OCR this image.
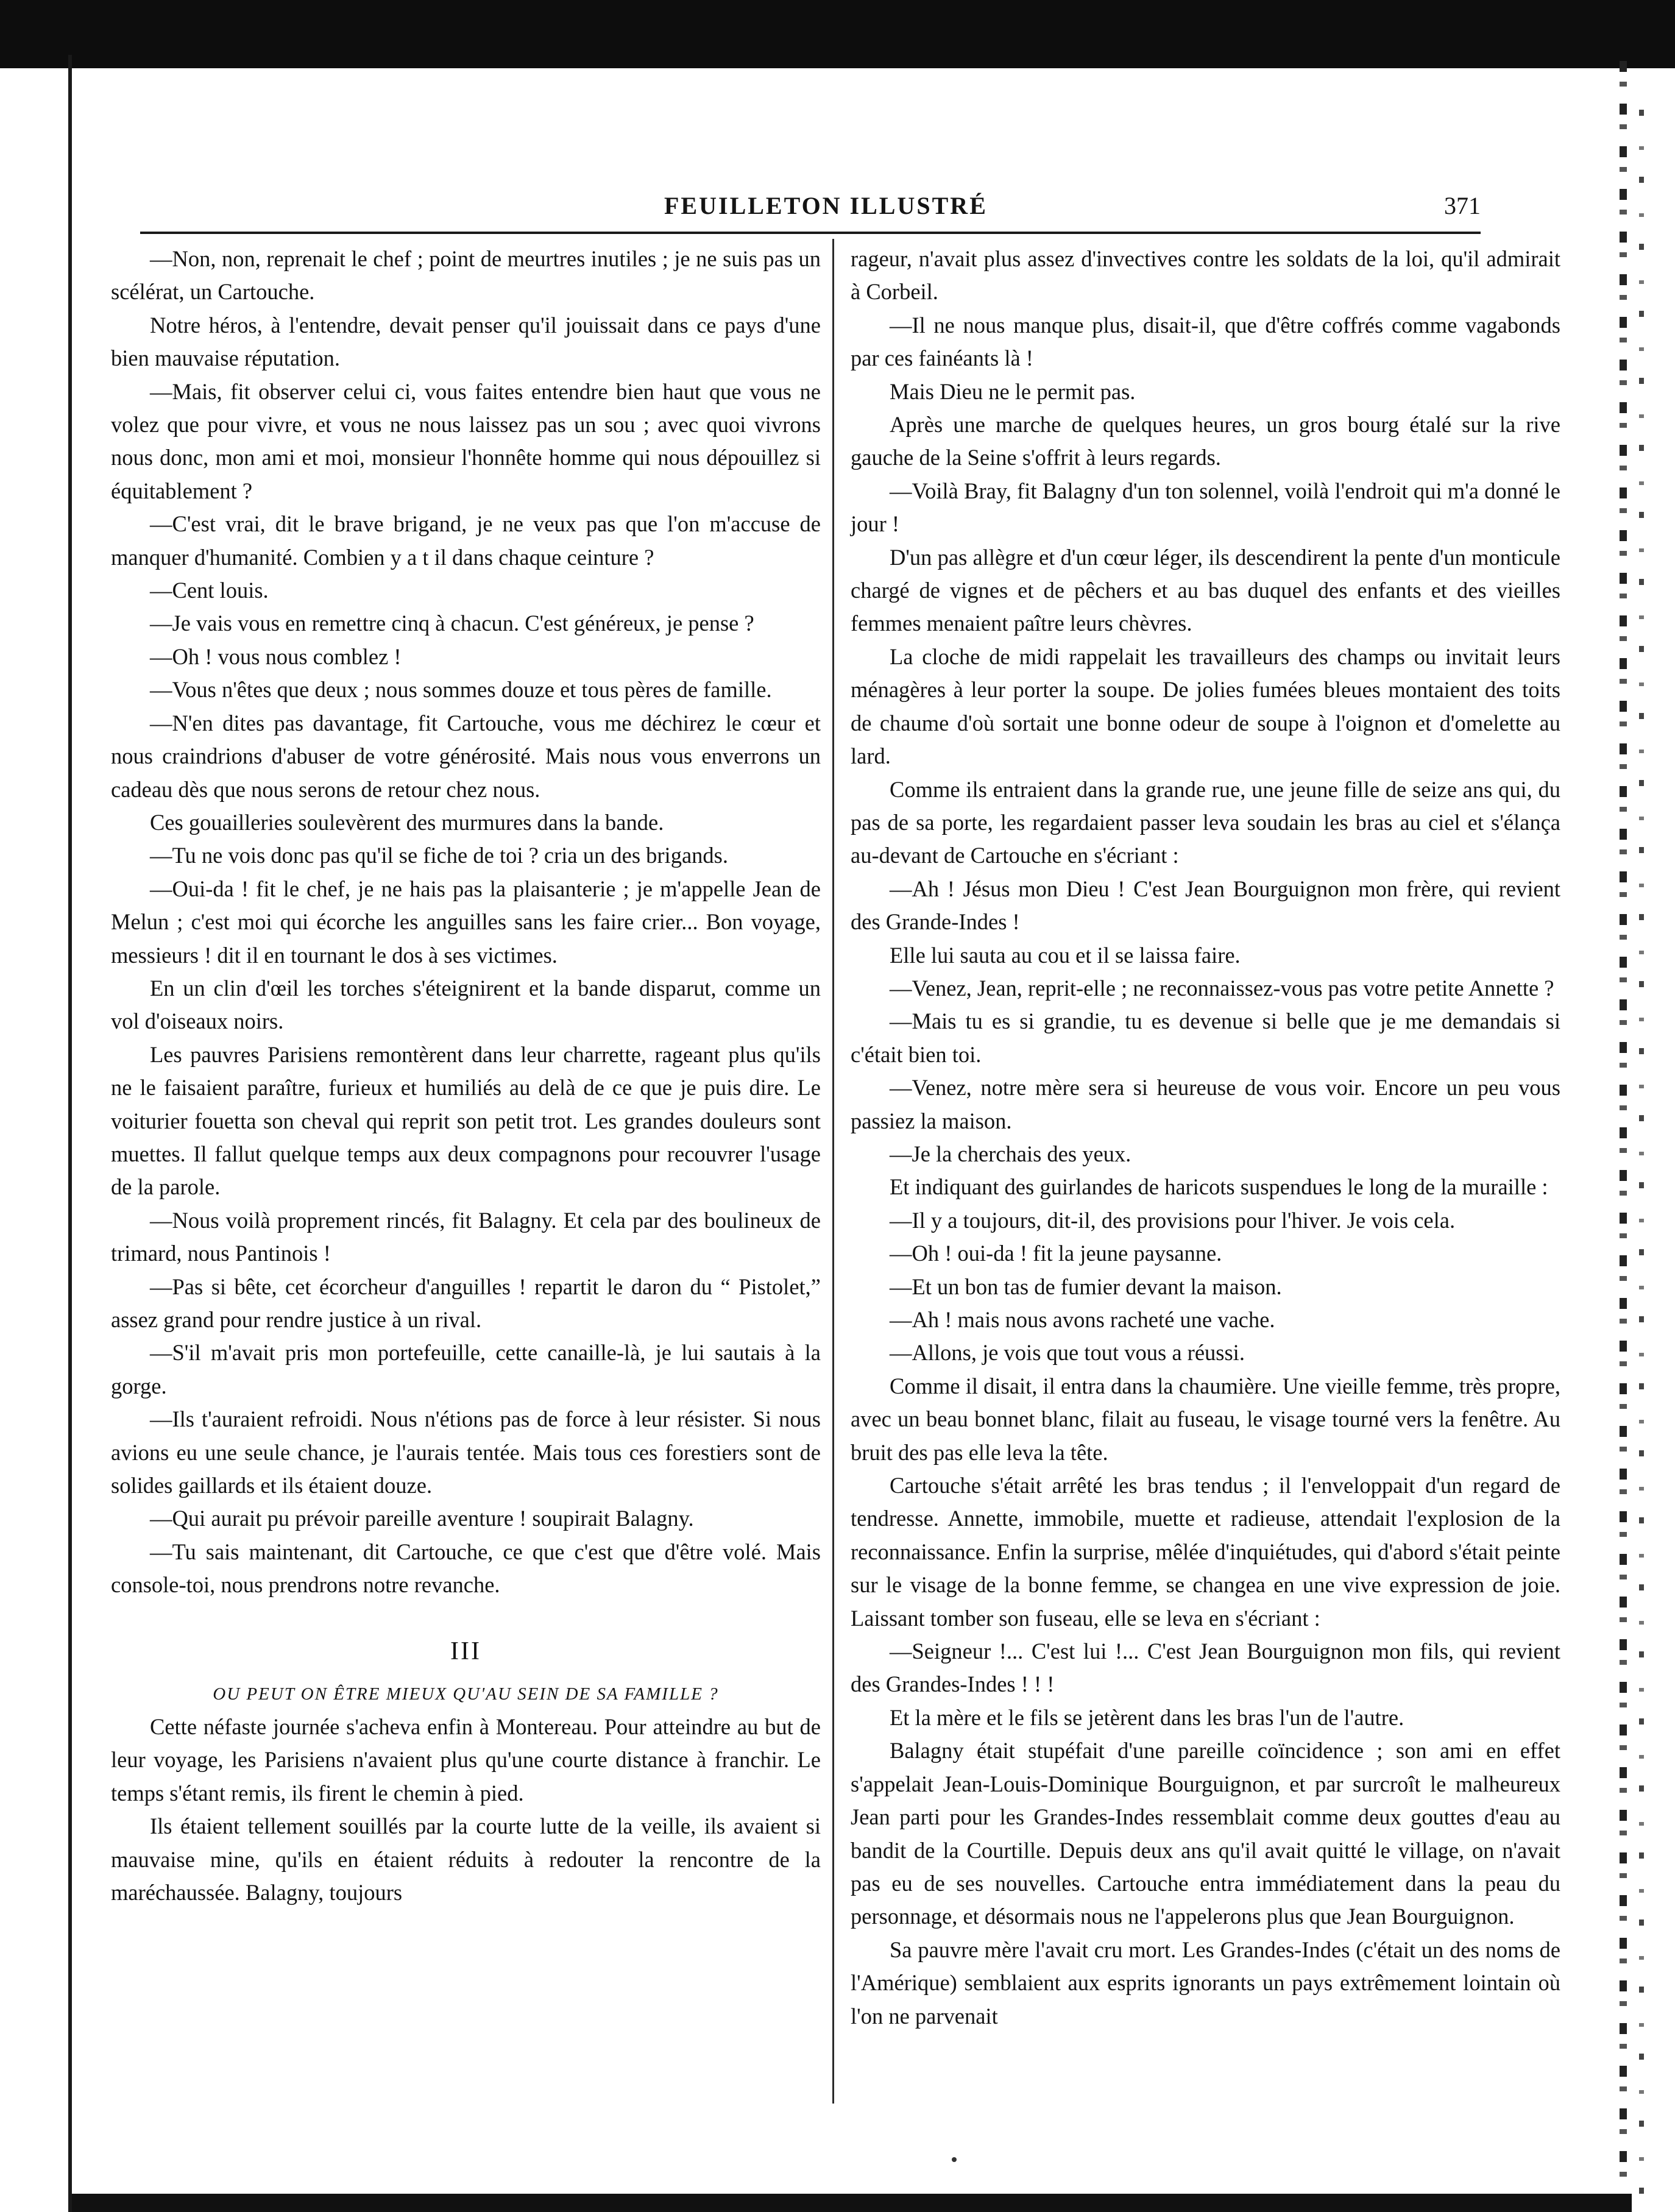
FEUILLETON ILLUSTRÉ	371

—Non, non, reprenait le chef ; point de meurtres inutiles ; je ne suis pas un scélérat, un Cartouche.

Notre héros, à l'entendre, devait penser qu'il jouissait dans ce pays d'une bien mauvaise réputation.

—Mais, fit observer celui ci, vous faites entendre bien haut que vous ne volez que pour vivre, et vous ne nous laissez pas un sou ; avec quoi vivrons nous donc, mon ami et moi, monsieur l'honnête homme qui nous dépouillez si équitablement ?

—C'est vrai, dit le brave brigand, je ne veux pas que l'on m'accuse de manquer d'humanité. Combien y a t il dans chaque ceinture ?

—Cent louis.

—Je vais vous en remettre cinq à chacun. C'est généreux, je pense ?

—Oh ! vous nous comblez !

—Vous n'êtes que deux ; nous sommes douze et tous pères de famille.

—N'en dites pas davantage, fit Cartouche, vous me déchirez le cœur et nous craindrions d'abuser de votre générosité. Mais nous vous enverrons un cadeau dès que nous serons de retour chez nous.

Ces gouailleries soulevèrent des murmures dans la bande.

—Tu ne vois donc pas qu'il se fiche de toi ? cria un des brigands.

—Oui-da ! fit le chef, je ne hais pas la plaisanterie ; je m'appelle Jean de Melun ; c'est moi qui écorche les anguilles sans les faire crier... Bon voyage, messieurs ! dit il en tournant le dos à ses victimes.

En un clin d'œil les torches s'éteignirent et la bande disparut, comme un vol d'oiseaux noirs.

Les pauvres Parisiens remontèrent dans leur charrette, rageant plus qu'ils ne le faisaient paraître, furieux et humiliés au delà de ce que je puis dire. Le voiturier fouetta son cheval qui reprit son petit trot. Les grandes douleurs sont muettes. Il fallut quelque temps aux deux compagnons pour recouvrer l'usage de la parole.

—Nous voilà proprement rincés, fit Balagny. Et cela par des boulineux de trimard, nous Pantinois !

—Pas si bête, cet écorcheur d'anguilles ! repartit le daron du “ Pistolet,” assez grand pour rendre justice à un rival.

—S'il m'avait pris mon portefeuille, cette canaille-là, je lui sautais à la gorge.

—Ils t'auraient refroidi. Nous n'étions pas de force à leur résister. Si nous avions eu une seule chance, je l'aurais tentée. Mais tous ces forestiers sont de solides gaillards et ils étaient douze.

—Qui aurait pu prévoir pareille aventure ! soupirait Balagny.

—Tu sais maintenant, dit Cartouche, ce que c'est que d'être volé. Mais console-toi, nous prendrons notre revanche.

III
OU PEUT ON ÊTRE MIEUX QU'AU SEIN DE SA FAMILLE ?

Cette néfaste journée s'acheva enfin à Montereau. Pour atteindre au but de leur voyage, les Parisiens n'avaient plus qu'une courte distance à franchir. Le temps s'étant remis, ils firent le chemin à pied.

Ils étaient tellement souillés par la courte lutte de la veille, ils avaient si mauvaise mine, qu'ils en étaient réduits à redouter la rencontre de la maréchaussée. Balagny, toujours

rageur, n'avait plus assez d'invectives contre les soldats de la loi, qu'il admirait à Corbeil.

—Il ne nous manque plus, disait-il, que d'être coffrés comme vagabonds par ces fainéants là !

Mais Dieu ne le permit pas.

Après une marche de quelques heures, un gros bourg étalé sur la rive gauche de la Seine s'offrit à leurs regards.

—Voilà Bray, fit Balagny d'un ton solennel, voilà l'endroit qui m'a donné le jour !

D'un pas allègre et d'un cœur léger, ils descendirent la pente d'un monticule chargé de vignes et de pêchers et au bas duquel des enfants et des vieilles femmes menaient paître leurs chèvres.

La cloche de midi rappelait les travailleurs des champs ou invitait leurs ménagères à leur porter la soupe. De jolies fumées bleues montaient des toits de chaume d'où sortait une bonne odeur de soupe à l'oignon et d'omelette au lard.

Comme ils entraient dans la grande rue, une jeune fille de seize ans qui, du pas de sa porte, les regardaient passer leva soudain les bras au ciel et s'élança au-devant de Cartouche en s'écriant :

—Ah ! Jésus mon Dieu ! C'est Jean Bourguignon mon frère, qui revient des Grande-Indes !

Elle lui sauta au cou et il se laissa faire.

—Venez, Jean, reprit-elle ; ne reconnaissez-vous pas votre petite Annette ?

—Mais tu es si grandie, tu es devenue si belle que je me demandais si c'était bien toi.

—Venez, notre mère sera si heureuse de vous voir. Encore un peu vous passiez la maison.

—Je la cherchais des yeux.

Et indiquant des guirlandes de haricots suspendues le long de la muraille :

—Il y a toujours, dit-il, des provisions pour l'hiver. Je vois cela.

—Oh ! oui-da ! fit la jeune paysanne.

—Et un bon tas de fumier devant la maison.

—Ah ! mais nous avons racheté une vache.

—Allons, je vois que tout vous a réussi.

Comme il disait, il entra dans la chaumière. Une vieille femme, très propre, avec un beau bonnet blanc, filait au fuseau, le visage tourné vers la fenêtre. Au bruit des pas elle leva la tête.

Cartouche s'était arrêté les bras tendus ; il l'enveloppait d'un regard de tendresse. Annette, immobile, muette et radieuse, attendait l'explosion de la reconnaissance. Enfin la surprise, mêlée d'inquiétudes, qui d'abord s'était peinte sur le visage de la bonne femme, se changea en une vive expression de joie. Laissant tomber son fuseau, elle se leva en s'écriant :

—Seigneur !... C'est lui !... C'est Jean Bourguignon mon fils, qui revient des Grandes-Indes ! ! !

Et la mère et le fils se jetèrent dans les bras l'un de l'autre.

Balagny était stupéfait d'une pareille coïncidence ; son ami en effet s'appelait Jean-Louis-Dominique Bourguignon, et par surcroît le malheureux Jean parti pour les Grandes-Indes ressemblait comme deux gouttes d'eau au bandit de la Courtille. Depuis deux ans qu'il avait quitté le village, on n'avait pas eu de ses nouvelles. Cartouche entra immédiatement dans la peau du personnage, et désormais nous ne l'appelerons plus que Jean Bourguignon.

Sa pauvre mère l'avait cru mort. Les Grandes-Indes (c'était un des noms de l'Amérique) semblaient aux esprits ignorants un pays extrêmement lointain où l'on ne parvenait
